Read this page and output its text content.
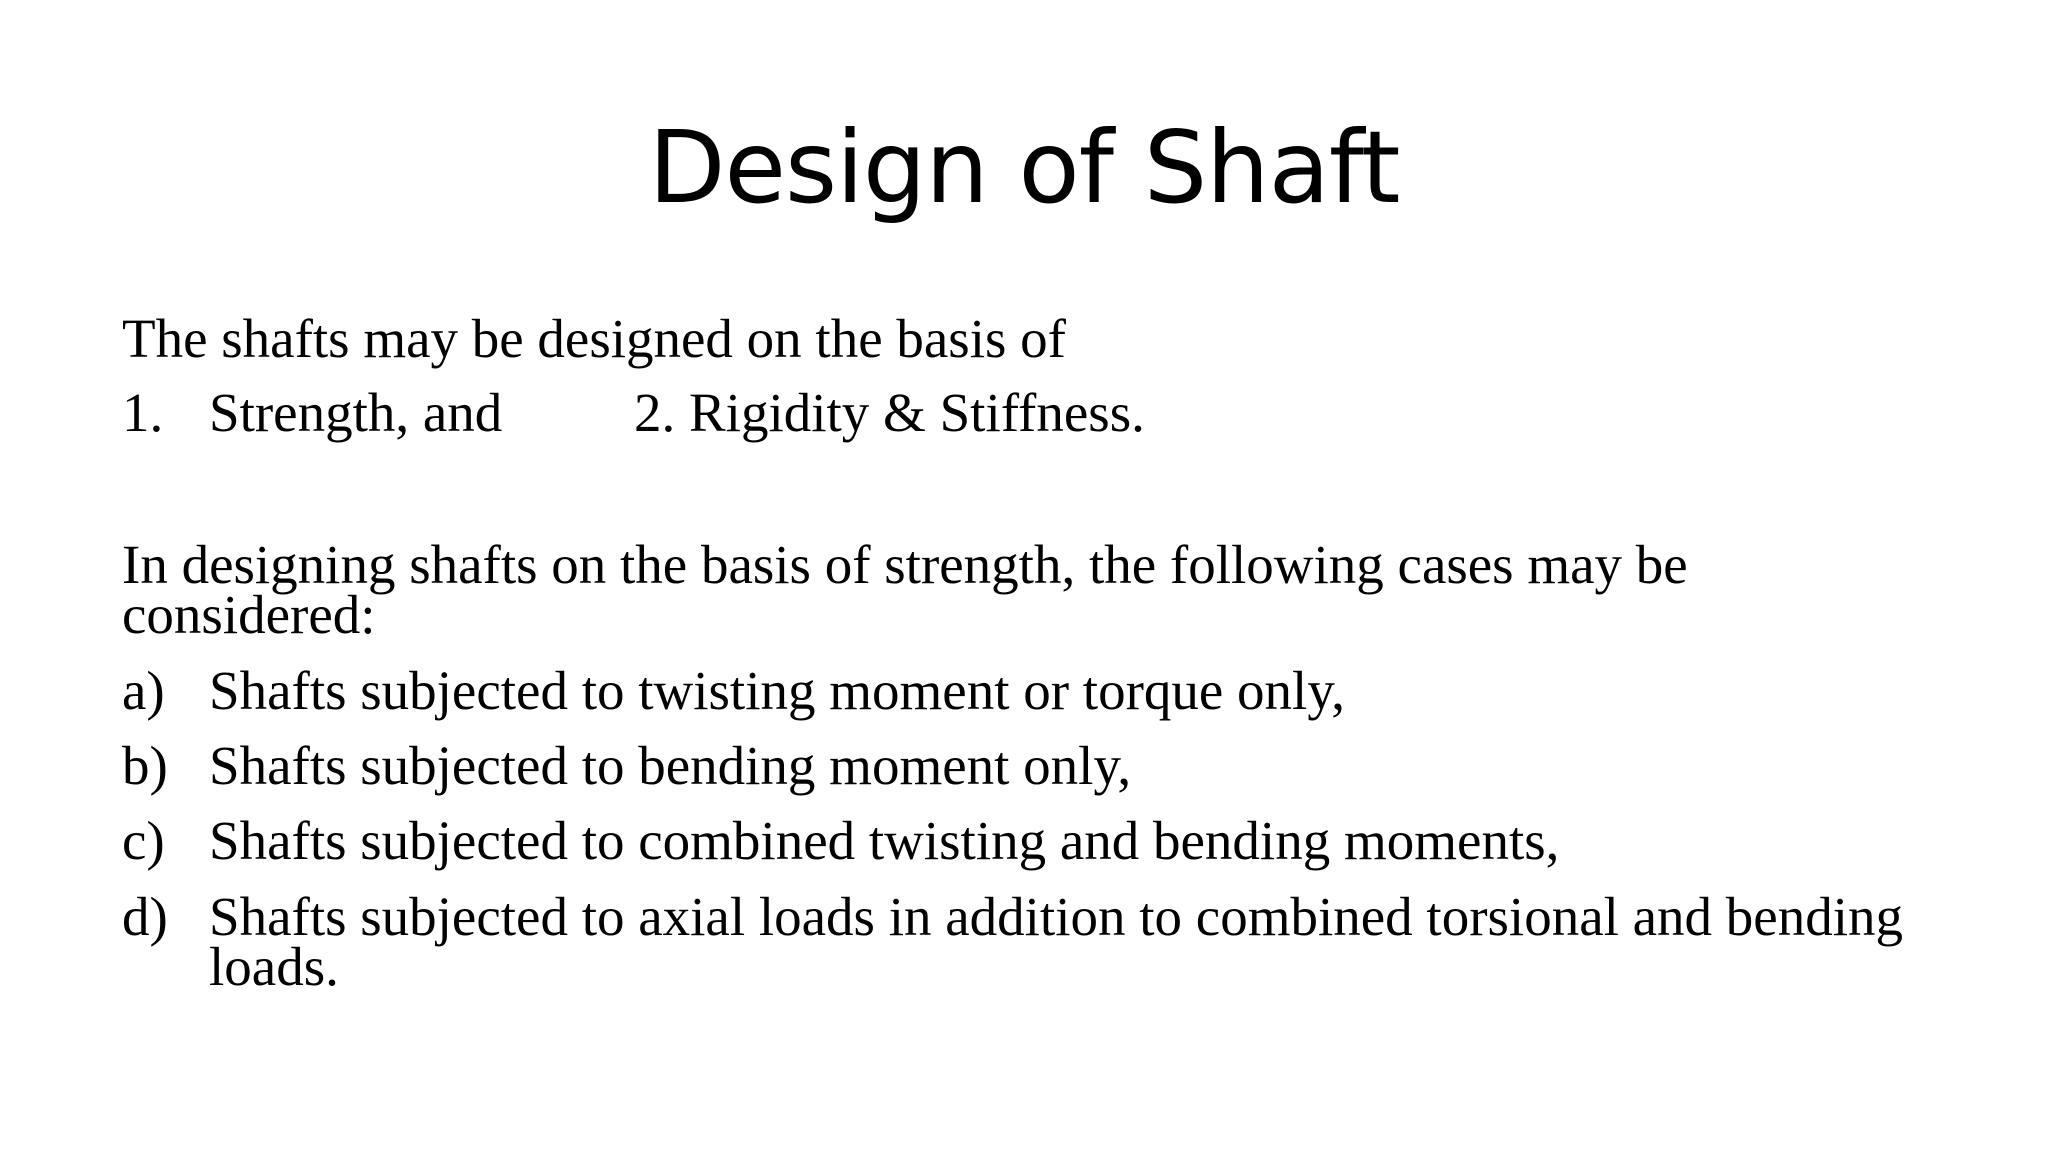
Design of Shaft
The shafts may be designed on the basis of
1. Strength, and 2. Rigidity & Stiffness.
In designing shafts on the basis of strength, the following cases may be
considered:
a) Shafts subjected to twisting moment or torque only,
b) Shafts subjected to bending moment only,
c) Shafts subjected to combined twisting and bending moments,
d) Shafts subjected to axial loads in addition to combined torsional and bending
loads.
